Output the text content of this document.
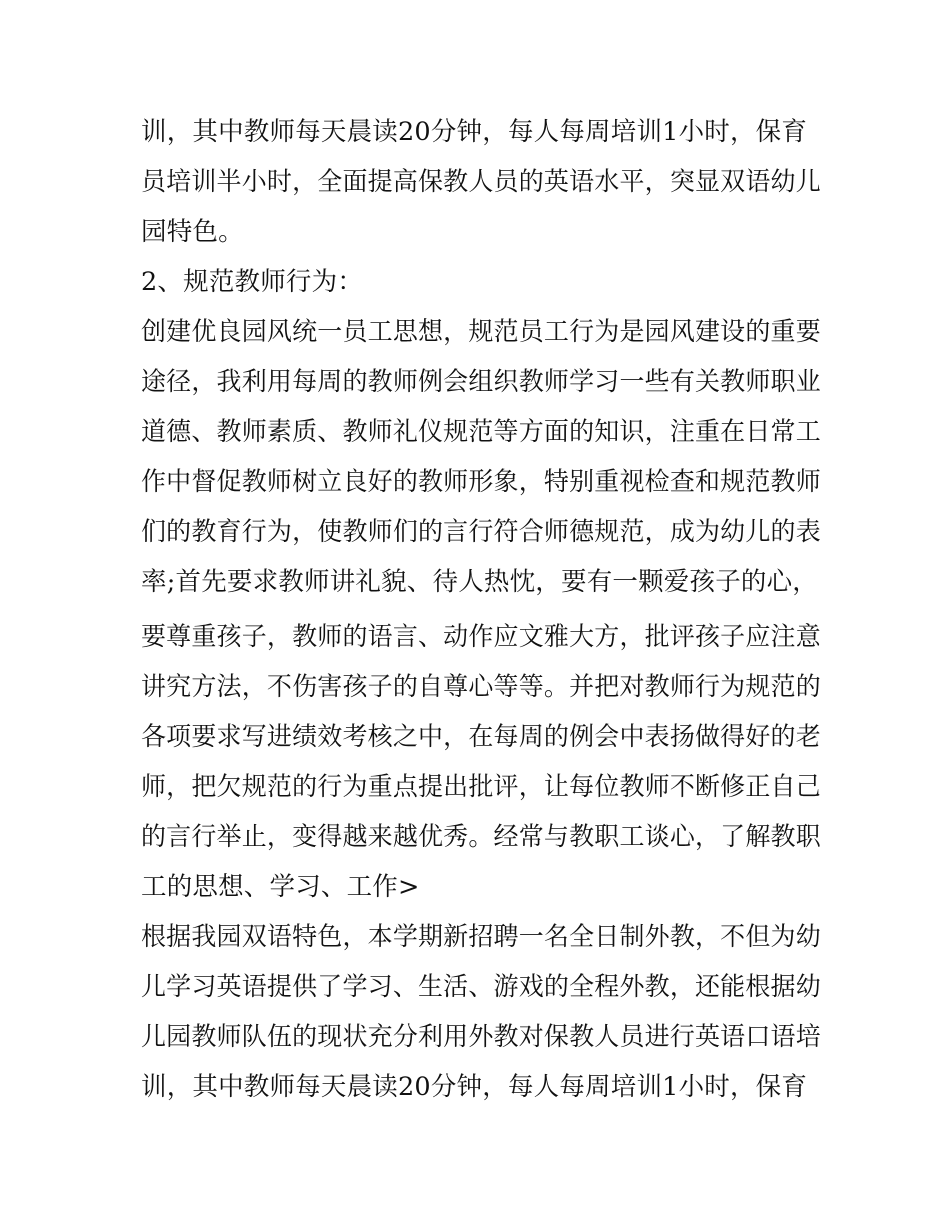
训，其中教师每天晨读20分钟，每人每周培训1小时，保育
员培训半小时，全面提高保教人员的英语水平，突显双语幼儿
园特色。
2、规范教师行为：
创建优良园风统一员工思想，规范员工行为是园风建设的重要
途径，我利用每周的教师例会组织教师学习一些有关教师职业
道德、教师素质、教师礼仪规范等方面的知识，注重在日常工
作中督促教师树立良好的教师形象，特别重视检查和规范教师
们的教育行为，使教师们的言行符合师德规范，成为幼儿的表
率;首先要求教师讲礼貌、待人热忱，要有一颗爱孩子的心，
要尊重孩子，教师的语言、动作应文雅大方，批评孩子应注意
讲究方法，不伤害孩子的自尊心等等。并把对教师行为规范的
各项要求写进绩效考核之中，在每周的例会中表扬做得好的老
师，把欠规范的行为重点提出批评，让每位教师不断修正自己
的言行举止，变得越来越优秀。经常与教职工谈心，了解教职
工的思想、学习、工作>
根据我园双语特色，本学期新招聘一名全日制外教，不但为幼
儿学习英语提供了学习、生活、游戏的全程外教，还能根据幼
儿园教师队伍的现状充分利用外教对保教人员进行英语口语培
训，其中教师每天晨读20分钟，每人每周培训1小时，保育
